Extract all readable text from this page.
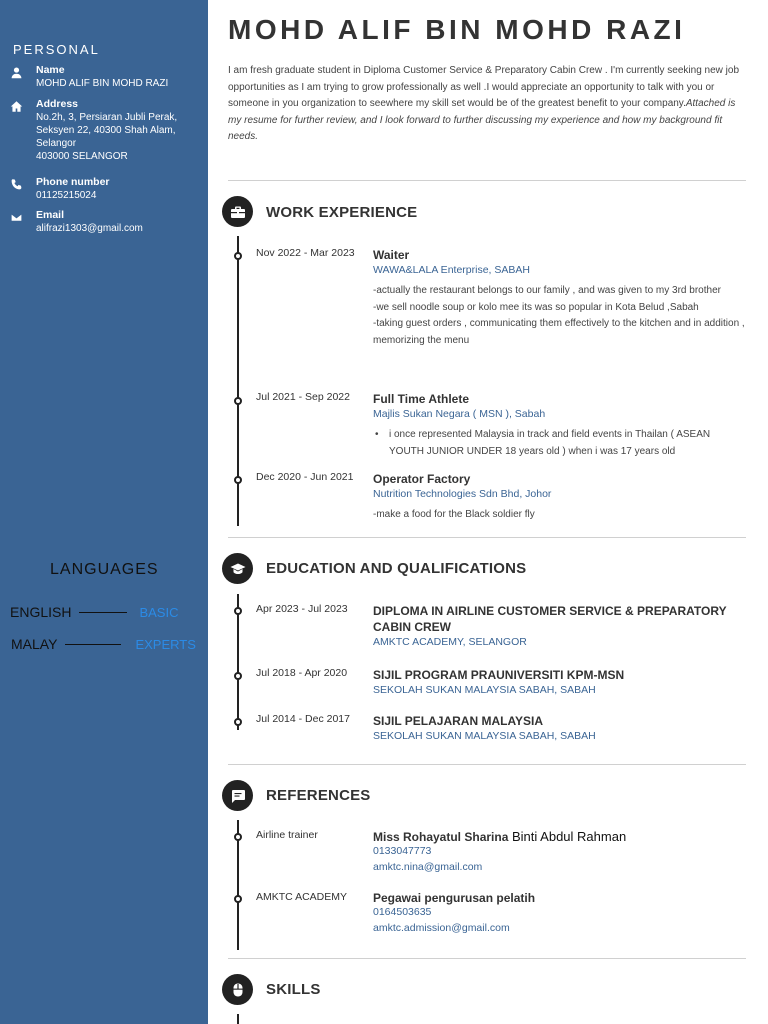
PERSONAL
Name
MOHD ALIF BIN MOHD RAZI
Address
No.2h, 3, Persiaran Jubli Perak,
Seksyen 22, 40300 Shah Alam,
Selangor
403000 SELANGOR
Phone number
01125215024
Email
alifrazi1303@gmail.com
LANGUAGES
ENGLISH	BASIC
MALAY	EXPERTS
MOHD ALIF BIN MOHD RAZI
I am fresh graduate student in Diploma Customer Service & Preparatory Cabin Crew . I'm currently seeking new job opportunities as I am trying to grow professionally as well .I would appreciate an opportunity to talk with you or someone in you organization to seewhere my skill set would be of the greatest benefit to your company.Attached is my resume for further review, and I look forward to further discussing my experience and how my background fit needs.
WORK EXPERIENCE
Nov 2022 - Mar 2023	Waiter
WAWA&LALA Enterprise, SABAH
-actually the restaurant belongs to our family , and was given to my 3rd brother
-we sell noodle soup or kolo mee its was so popular in Kota Belud ,Sabah
-taking guest orders , communicating them effectively to the kitchen and in addition , memorizing the menu
Jul 2021 - Sep 2022	Full Time Athlete
Majlis Sukan Negara ( MSN ), Sabah
• i once represented Malaysia in track and field events in Thailan ( ASEAN YOUTH JUNIOR UNDER 18 years old ) when i was 17 years old
Dec 2020 - Jun 2021	Operator Factory
Nutrition Technologies Sdn Bhd, Johor
-make a food for the Black soldier fly
EDUCATION AND QUALIFICATIONS
Apr 2023 - Jul 2023	DIPLOMA IN AIRLINE CUSTOMER SERVICE & PREPARATORY CABIN CREW
AMKTC ACADEMY, SELANGOR
Jul 2018 - Apr 2020	SIJIL PROGRAM PRAUNIVERSITI KPM-MSN
SEKOLAH SUKAN MALAYSIA SABAH, SABAH
Jul 2014 - Dec 2017	SIJIL PELAJARAN MALAYSIA
SEKOLAH SUKAN MALAYSIA SABAH, SABAH
REFERENCES
Airline trainer	Miss Rohayatul Sharina Binti Abdul Rahman
0133047773
amktc.nina@gmail.com
AMKTC ACADEMY	Pegawai pengurusan pelatih
0164503635
amktc.admission@gmail.com
SKILLS
